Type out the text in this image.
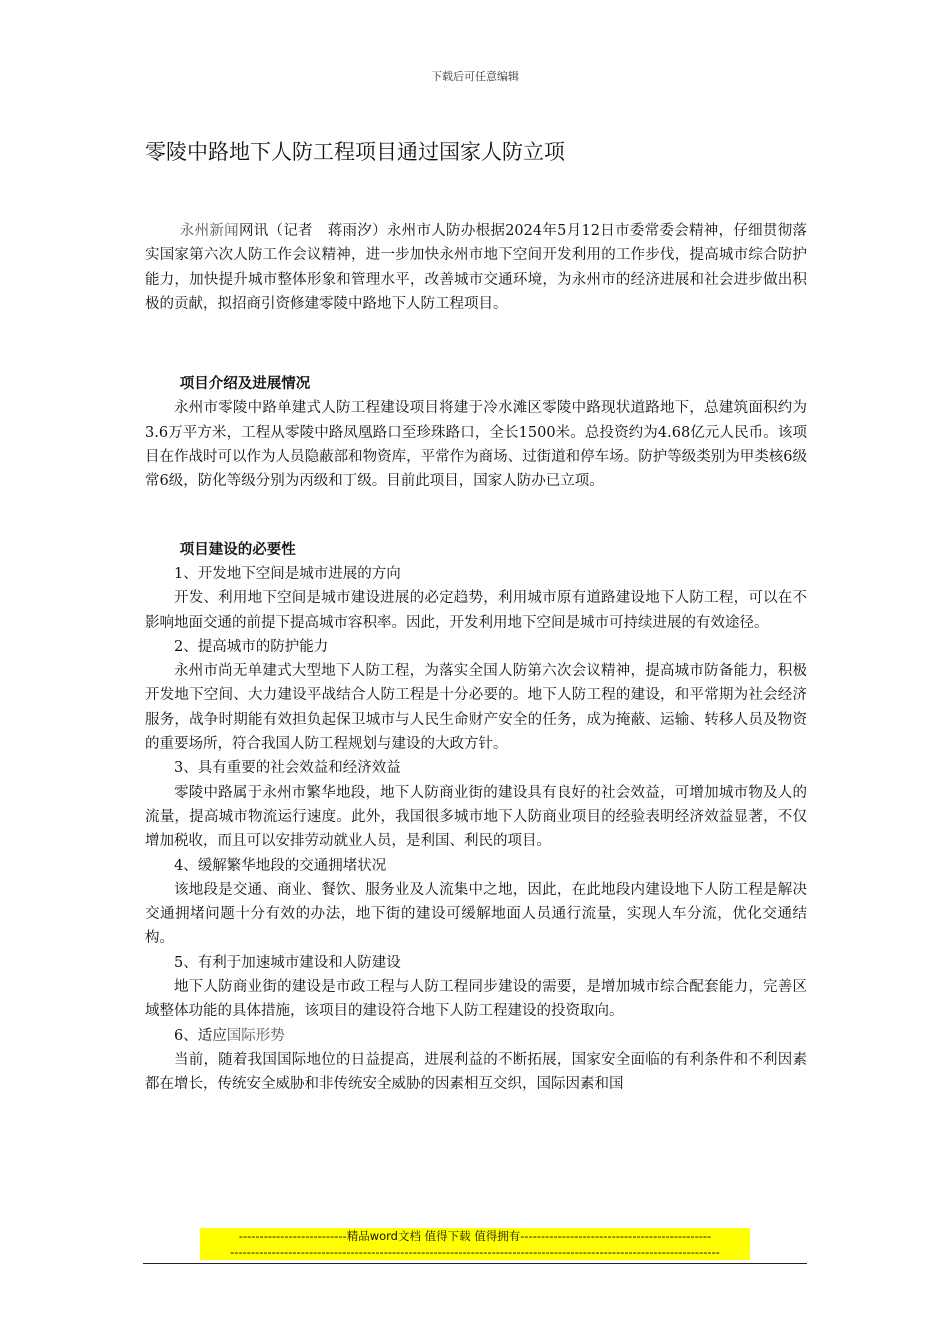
下载后可任意编辑
零陵中路地下人防工程项目通过国家人防立项

永州新闻网讯（记者　蒋雨汐）永州市人防办根据2024年5月12日市委常委会精神，仔细贯彻落实国家第六次人防工作会议精神，进一步加快永州市地下空间开发利用的工作步伐，提高城市综合防护能力，加快提升城市整体形象和管理水平，改善城市交通环境，为永州市的经济进展和社会进步做出积极的贡献，拟招商引资修建零陵中路地下人防工程项目。

项目介绍及进展情况

永州市零陵中路单建式人防工程建设项目将建于冷水滩区零陵中路现状道路地下，总建筑面积约为3.6万平方米，工程从零陵中路凤凰路口至珍珠路口，全长1500米。总投资约为4.68亿元人民币。该项目在作战时可以作为人员隐蔽部和物资库，平常作为商场、过街道和停车场。防护等级类别为甲类核6级常6级，防化等级分别为丙级和丁级。目前此项目，国家人防办已立项。

项目建设的必要性

1、开发地下空间是城市进展的方向

开发、利用地下空间是城市建设进展的必定趋势，利用城市原有道路建设地下人防工程，可以在不影响地面交通的前提下提高城市容积率。因此，开发利用地下空间是城市可持续进展的有效途径。

2、提高城市的防护能力

永州市尚无单建式大型地下人防工程，为落实全国人防第六次会议精神，提高城市防备能力，积极开发地下空间、大力建设平战结合人防工程是十分必要的。地下人防工程的建设，和平常期为社会经济服务，战争时期能有效担负起保卫城市与人民生命财产安全的任务，成为掩蔽、运输、转移人员及物资的重要场所，符合我国人防工程规划与建设的大政方针。

3、具有重要的社会效益和经济效益

零陵中路属于永州市繁华地段，地下人防商业街的建设具有良好的社会效益，可增加城市物及人的流量，提高城市物流运行速度。此外，我国很多城市地下人防商业项目的经验表明经济效益显著，不仅增加税收，而且可以安排劳动就业人员，是利国、利民的项目。

4、缓解繁华地段的交通拥堵状况

该地段是交通、商业、餐饮、服务业及人流集中之地，因此，在此地段内建设地下人防工程是解决交通拥堵问题十分有效的办法，地下街的建设可缓解地面人员通行流量，实现人车分流，优化交通结构。

5、有利于加速城市建设和人防建设

地下人防商业街的建设是市政工程与人防工程同步建设的需要，是增加城市综合配套能力，完善区域整体功能的具体措施，该项目的建设符合地下人防工程建设的投资取向。

6、适应国际形势

当前，随着我国国际地位的日益提高，进展利益的不断拓展，国家安全面临的有利条件和不利因素都在增长，传统安全威胁和非传统安全威胁的因素相互交织，国际因素和国

--------------------------精品word文档 值得下载 值得拥有----------------------------------------------
----------------------------------------------------------------------------------------------------------------------
